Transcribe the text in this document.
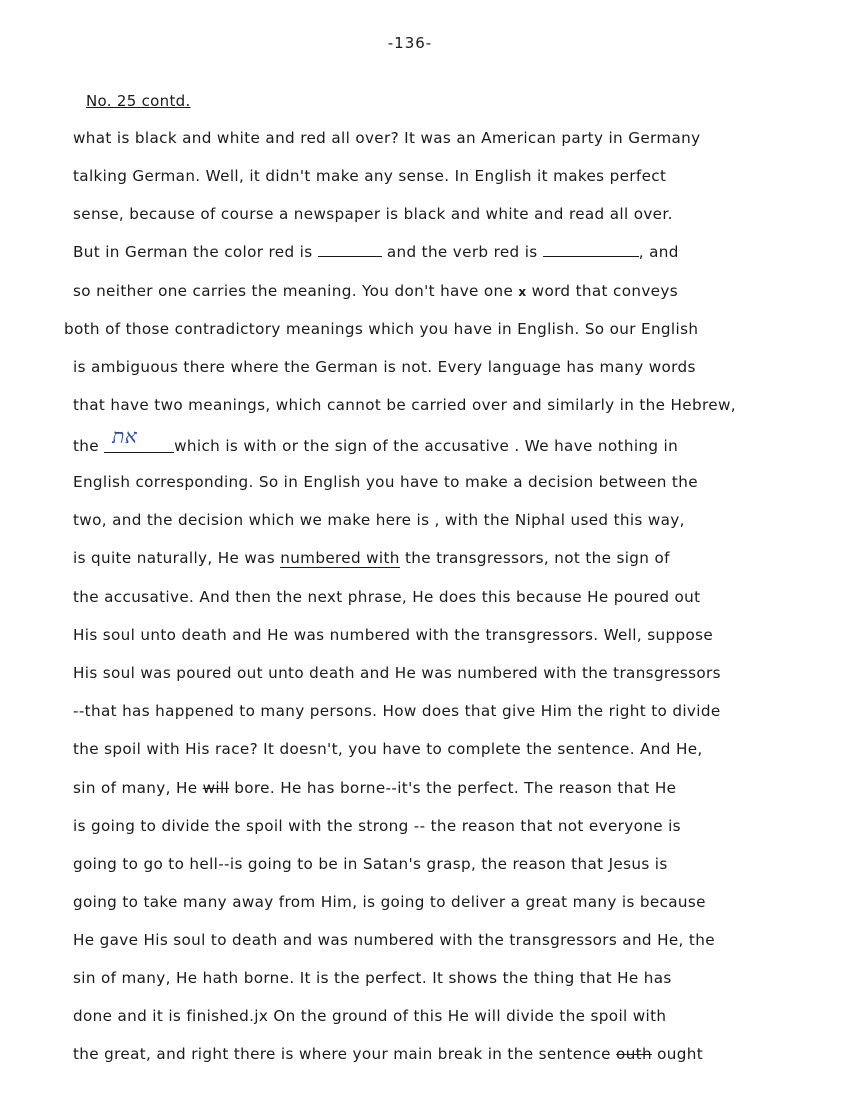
-136-
No. 25 contd.
what is black and white and red all over? It was an American party in Germany
talking German. Well, it didn't make any sense. In English it makes perfect
sense, because of course a newspaper is black and white and read all over.
But in German the color red is	and the verb red is	, and
so neither one carries the meaning. You don't have one x word that conveys
both of those contradictory meanings which you have in English. So our English
is ambiguous there where the German is not. Every language has many words
that have two meanings, which cannot be carried over and similarly in the Hebrew,
the את which is with or the sign of the accusative . We have nothing in
English corresponding. So in English you have to make a decision between the
two, and the decision which we make here is , with the Niphal used this way,
is quite naturally, He was numbered with the transgressors, not the sign of
the accusative. And then the next phrase, He does this because He poured out
His soul unto death and He was numbered with the transgressors. Well, suppose
His soul was poured out unto death and He was numbered with the transgressors
--that has happened to many persons. How does that give Him the right to divide
the spoil with His race? It doesn't, you have to complete the sentence. And He,
sin of many, He will bore. He has borne--it's the perfect. The reason that He
is going to divide the spoil with the strong -- the reason that not everyone is
going to go to hell--is going to be in Satan's grasp, the reason that Jesus is
going to take many away from Him, is going to deliver a great many is because
He gave His soul to death and was numbered with the transgressors and He, the
sin of many, He hath borne. It is the perfect. It shows the thing that He has
done and it is finished.jx On the ground of this He will divide the spoil with
the great, and right there is where your main break in the sentence outh ought
